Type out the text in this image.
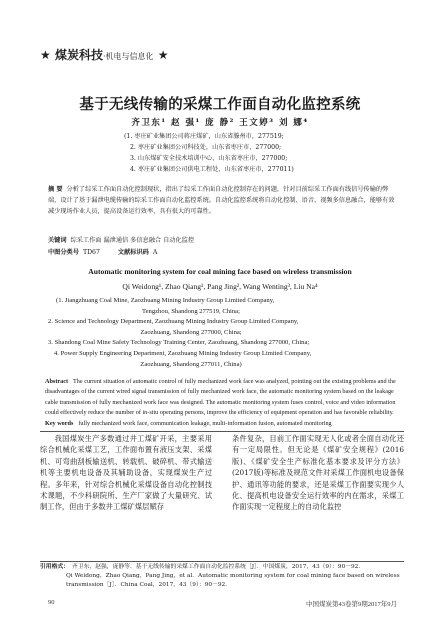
★ 煤炭科技·机电与信息化 ★
基于无线传输的采煤工作面自动化监控系统
齐卫东¹ 赵 强¹ 庞 静² 王文婷³ 刘 娜⁴
(1. 枣庄矿业集团公司蒋庄煤矿，山东省滕州市，277519;
2. 枣庄矿业集团公司科技处，山东省枣庄市，277000;
3. 山东煤矿安全技术培训中心，山东省枣庄市，277000;
4. 枣庄矿业集团公司供电工程处，山东省枣庄市，277011)
摘 要 分析了综采工作面自动化控制现状，指出了综采工作面自动化控制存在的问题，针对目前综采工作面有线信号传输的弊端，设计了基于漏泄电缆传输的综采工作面自动化监控系统。自动化监控系统将自动化控制、语音、视频多信息融合，能够有效减少现场作业人员，提高设备运行效率，具有很大的可靠性。
关键词 综采工作面 漏泄通信 多信息融合 自动化监控
中图分类号 TD67	文献标识码 A
Automatic monitoring system for coal mining face based on wireless transmission
Qi Weidong¹, Zhao Qiang¹, Pang Jing², Wang Wenting³, Liu Na⁴
(1. Jiangzhuang Coal Mine, Zaozhuang Mining Industry Group Limited Company,
Tengzhou, Shandong 277519, China;
2. Science and Technology Department, Zaozhuang Mining Industry Group Limited Company,
Zaozhuang, Shandong 277000, China;
3. Shandong Coal Mine Safety Technology Training Center, Zaozhuang, Shandong 277000, China;
4. Power Supply Engineering Department, Zaozhuang Mining Industry Group Limited Company,
Zaozhuang, Shandong 277011, China)
Abstract The current situation of automatic control of fully mechanized work face was analyzed, pointing out the existing problems and the disadvantages of the current wired signal transmission of fully mechanized work face, the automatic monitoring system based on the leakage cable transmission of fully mechanized work face was designed. The automatic monitoring system fuses control, voice and video information could effectively reduce the number of in-situ operating persons, improve the efficiency of equipment operation and has favorable reliability.
Key words fully mechanized work face, communication leakage, multi-information fusion, automated monitoring

我国煤炭生产多数通过井工煤矿开采，主要采用综合机械化采煤工艺，工作面布置有液压支架、采煤机、可弯曲刮板输送机、转载机、破碎机、带式输送机等主要机电设备及其辅助设备，实现煤炭生产过程。多年来，针对综合机械化采煤设备自动化控制技术课题，不少科研院所、生产厂家做了大量研究、试制工作，但由于多数井工煤矿煤层赋存

条件复杂，目前工作面实现无人化或者全面自动化还有一定局限性。但无论是《煤矿安全规程》(2016版)、《煤矿安全生产标准化基本要求及评分方法》(2017版)等标准及规范文件对采煤工作面机电设备保护、通讯等功能的要求，还是采煤工作面要实现少人化、提高机电设备安全运行效率的内在需求，采煤工作面实现一定程度上的自动化监控

引用格式： 齐卫东，赵强，庞静等．基于无线传输的采煤工作面自动化监控系统［J］．中国煤炭，2017，43（9）：90－92．
Qi Weidong，Zhao Qiang，Pang Jing，et al．Automatic monitoring system for coal mining face based on wireless transmission［J］．China Coal，2017，43（9）：90－92．
90	中国煤炭第43卷第9期2017年9月
